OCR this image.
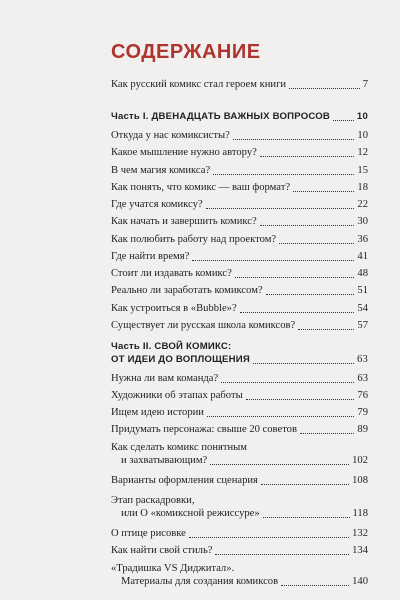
СОДЕРЖАНИЕ
Как русский комикс стал героем книги	7
Часть I. ДВЕНАДЦАТЬ ВАЖНЫХ ВОПРОСОВ	10
Откуда у нас комиксисты?	10
Какое мышление нужно автору?	12
В чем магия комикса?	15
Как понять, что комикс — ваш формат?	18
Где учатся комиксу?	22
Как начать и завершить комикс?	30
Как полюбить работу над проектом?	36
Где найти время?	41
Стоит ли издавать комикс?	48
Реально ли заработать комиксом?	51
Как устроиться в «Bubble»?	54
Существует ли русская школа комиксов?	57
Часть II. СВОЙ КОМИКС:
ОТ ИДЕИ ДО ВОПЛОЩЕНИЯ	63
Нужна ли вам команда?	63
Художники об этапах работы	76
Ищем идею истории	79
Придумать персонажа: свыше 20 советов	89
Как сделать комикс понятным
и захватывающим?	102
Варианты оформления сценария	108
Этап раскадровки,
или О «комиксной режиссуре»	118
О птице рисовке	132
Как найти свой стиль?	134
«Традишка VS Диджитал».
Материалы для создания комиксов	140
